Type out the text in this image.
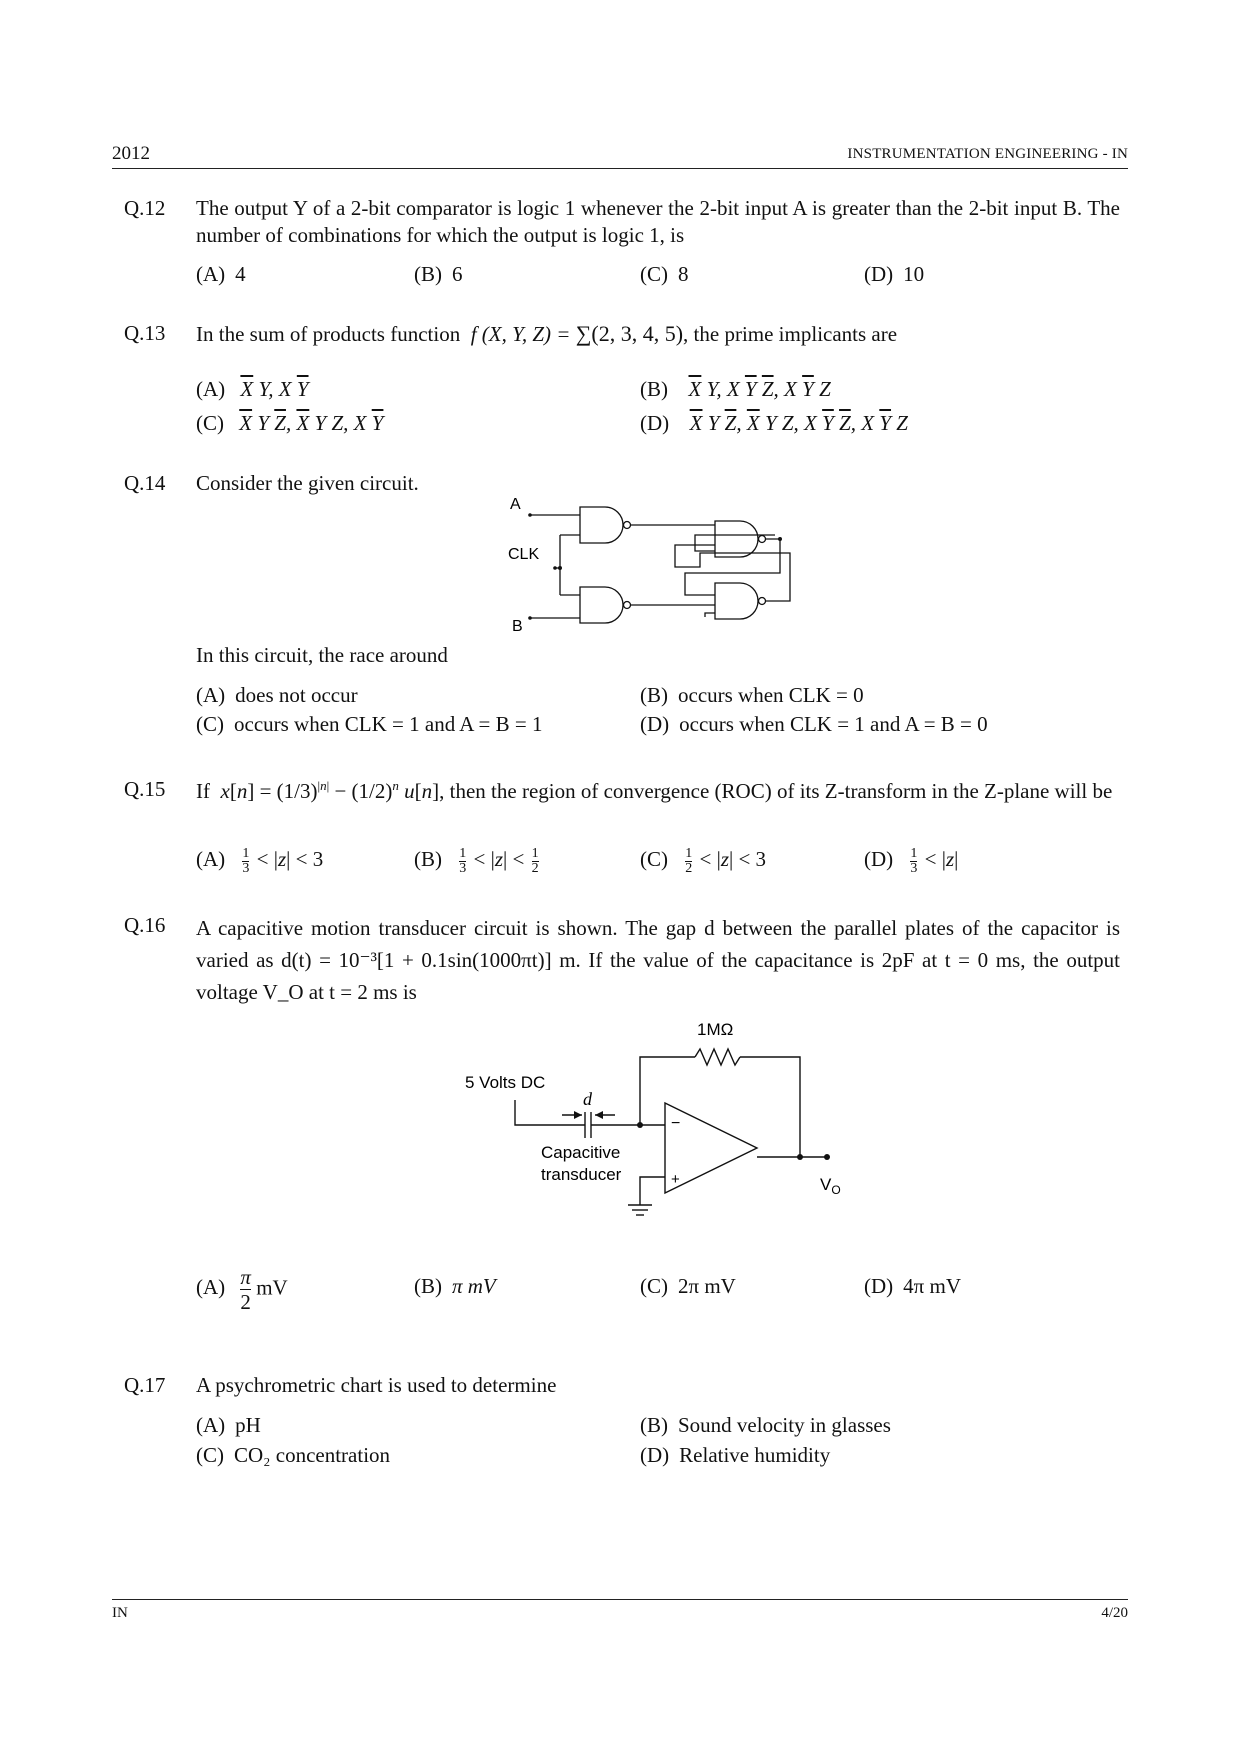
2012	INSTRUMENTATION ENGINEERING - IN
Q.12 The output Y of a 2-bit comparator is logic 1 whenever the 2-bit input A is greater than the 2-bit input B. The number of combinations for which the output is logic 1, is
(A) 4	(B) 6	(C) 8	(D) 10
Q.13 In the sum of products function f (X, Y, Z) = ∑(2, 3, 4, 5), the prime implicants are
(A) $\overline{X}$ Y, X $\overline{Y}$	(B) $\overline{X}$ Y, X $\overline{Y}$ $\overline{Z}$, X $\overline{Y}$ Z
(C) $\overline{X}$ Y $\overline{Z}$, $\overline{X}$ Y Z, X $\overline{Y}$	(D) $\overline{X}$ Y $\overline{Z}$, $\overline{X}$ Y Z, X $\overline{Y}$ $\overline{Z}$, X $\overline{Y}$ Z
Q.14 Consider the given circuit.
A
CLK
B
In this circuit, the race around
(A) does not occur	(B) occurs when CLK = 0
(C) occurs when CLK = 1 and A = B = 1	(D) occurs when CLK = 1 and A = B = 0
Q.15 If $x[n] = (1/3)^{|n|} - (1/2)^n$ u[n], then the region of convergence (ROC) of its Z-transform in the Z-plane will be
$(A) \frac{1}{3} < |z| < 3$	$(B) \frac{1}{3} < |z| < \frac{1}{2}$	$(C) \frac{1}{2} < |z| < 3$	$(D) \frac{1}{3} < |z|$
Q.16 A capacitive motion transducer circuit is shown. The gap d between the parallel plates of the capacitor is varied as d(t) = 10⁻³[1 + 0.1sin(1000πt)] m. If the value of the capacitance is 2pF at t = 0 ms, the output voltage V_O at t = 2 ms is
1MΩ
5 Volts DC
d
Capacitive
transducer
−
+	$V_O$
$(A) \frac{\pi}{2}$ mV	(B) π mV	(C) 2π mV	(D) 4π mV
Q.17 A psychrometric chart is used to determine
(A) pH	(B) Sound velocity in glasses
(C) CO₂ concentration	(D) Relative humidity
IN	4/20
